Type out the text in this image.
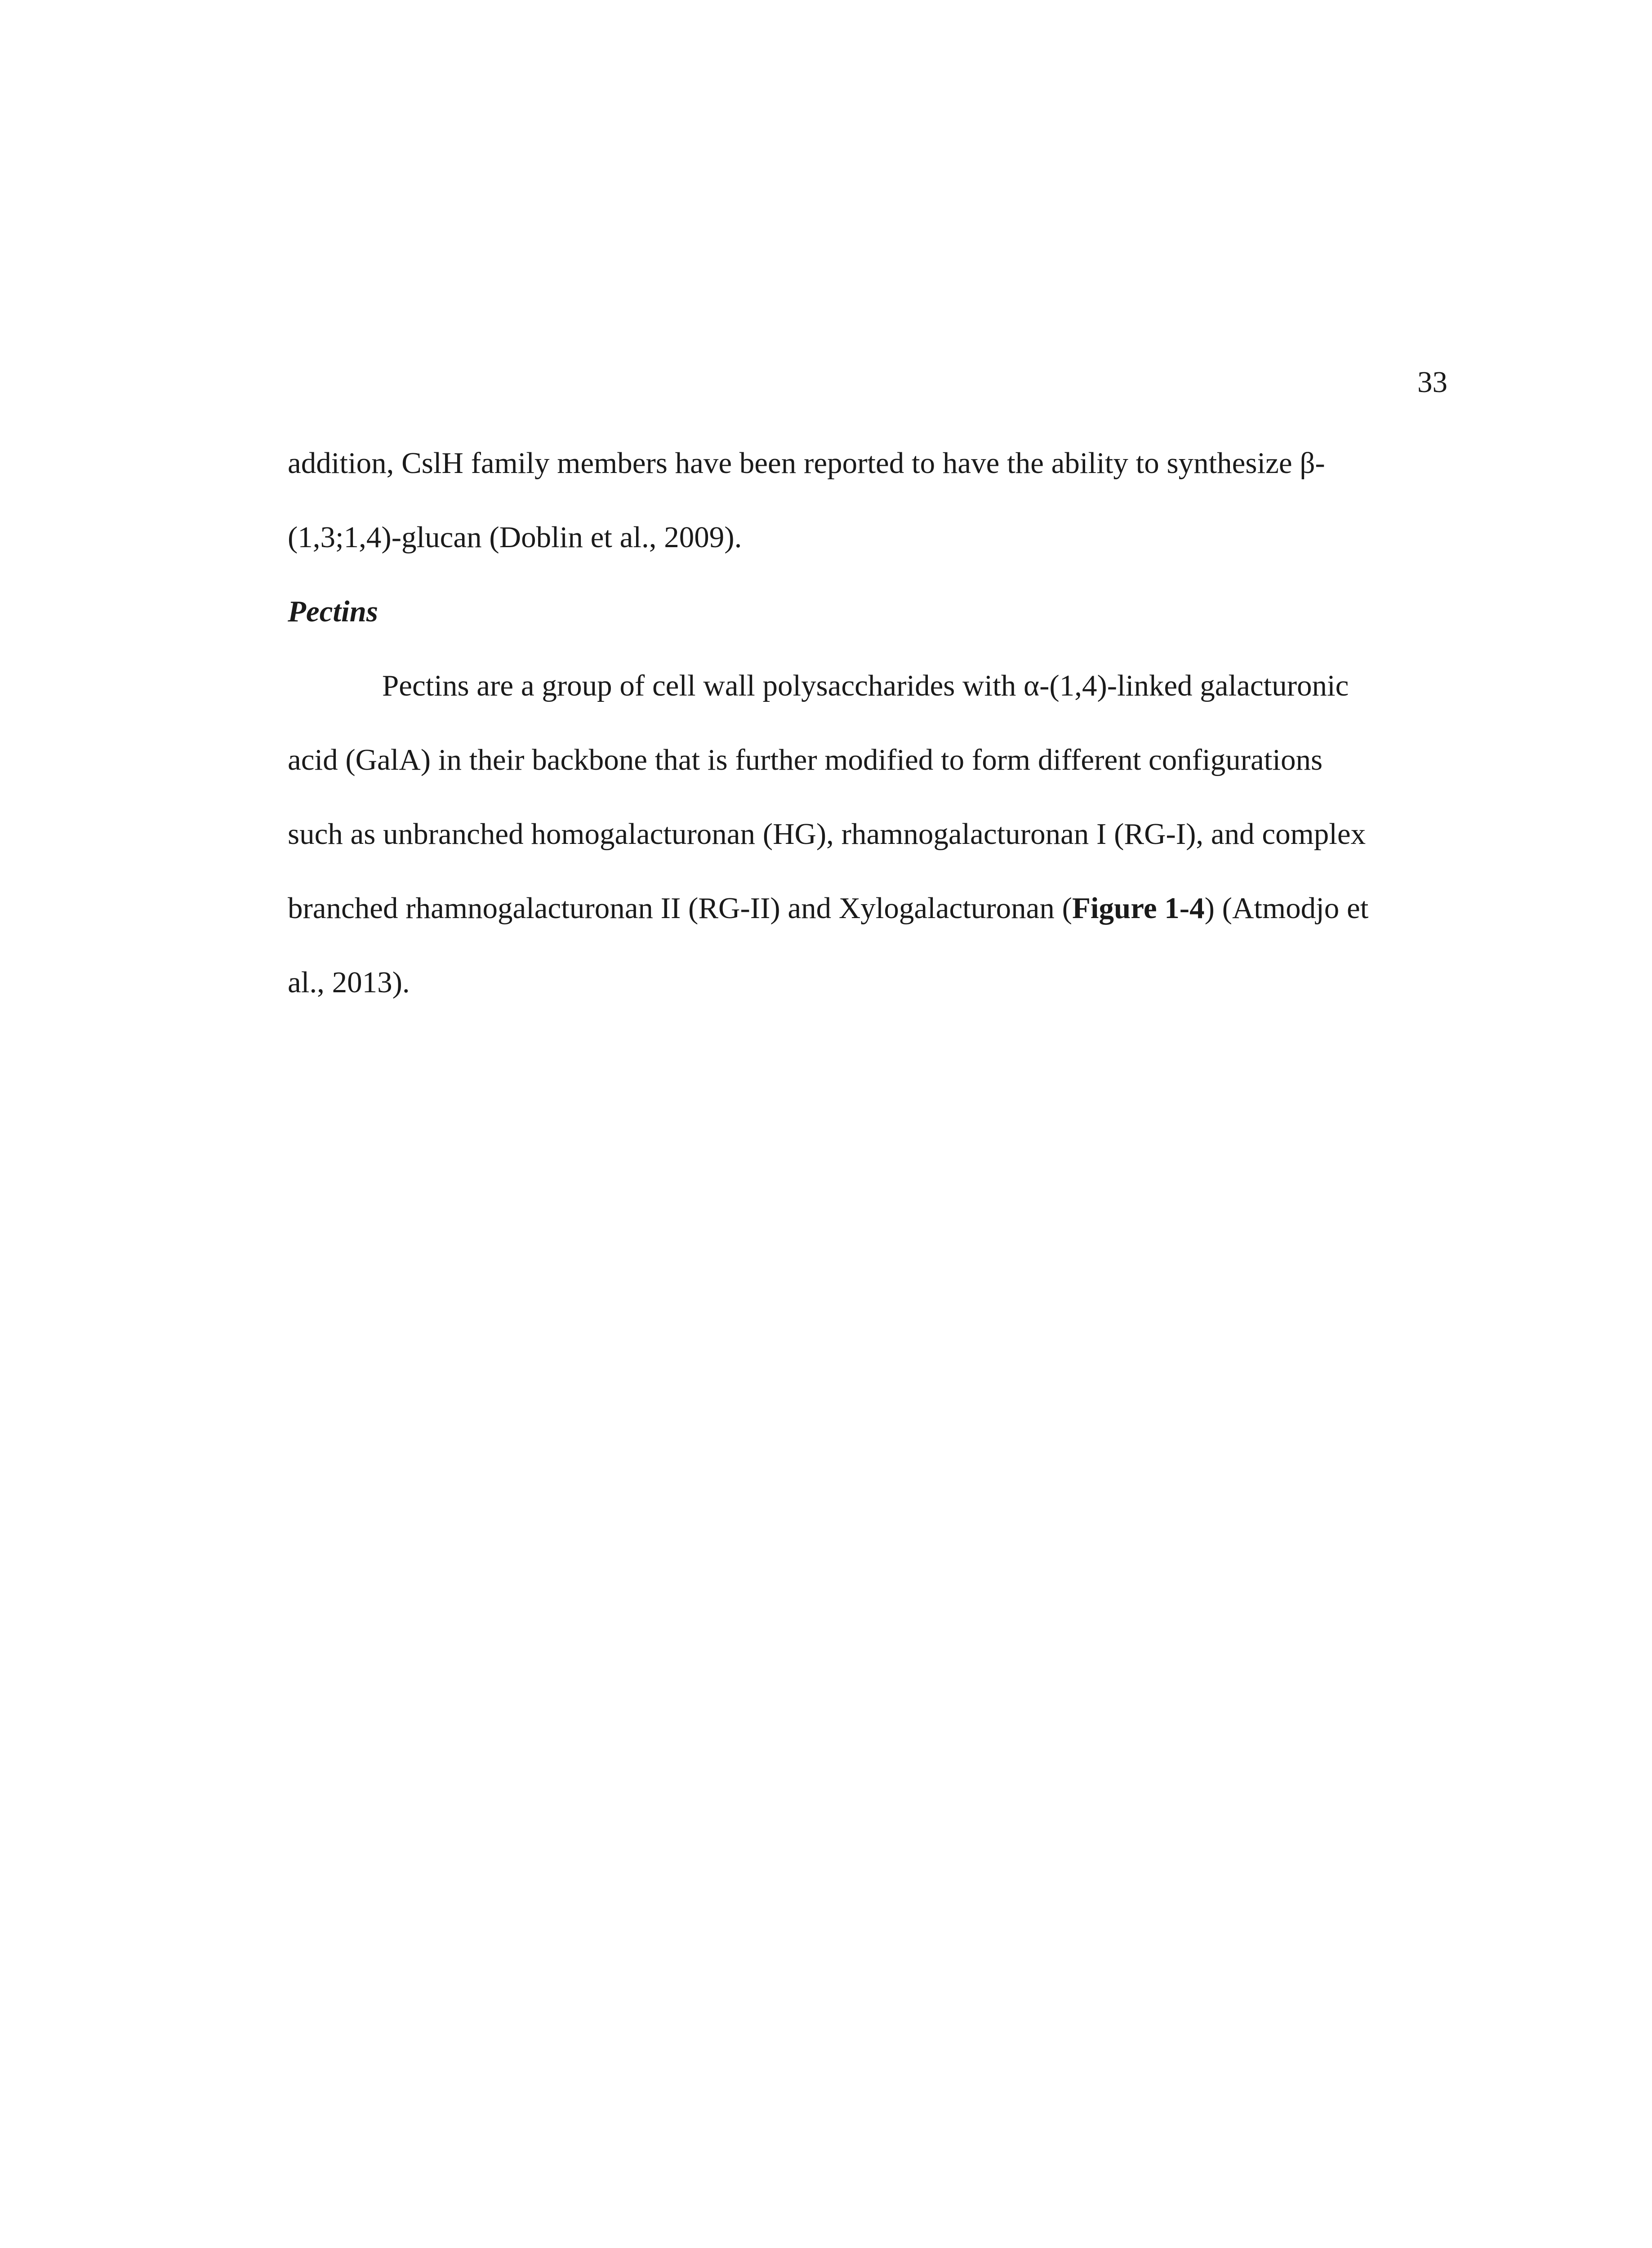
33
addition, CslH family members have been reported to have the ability to synthesize β-
(1,3;1,4)-glucan (Doblin et al., 2009).
Pectins
Pectins are a group of cell wall polysaccharides with α-(1,4)-linked galacturonic
acid (GalA) in their backbone that is further modified to form different configurations
such as unbranched homogalacturonan (HG), rhamnogalacturonan I (RG-I), and complex
branched rhamnogalacturonan II (RG-II) and Xylogalacturonan (Figure 1-4) (Atmodjo et
al., 2013).
